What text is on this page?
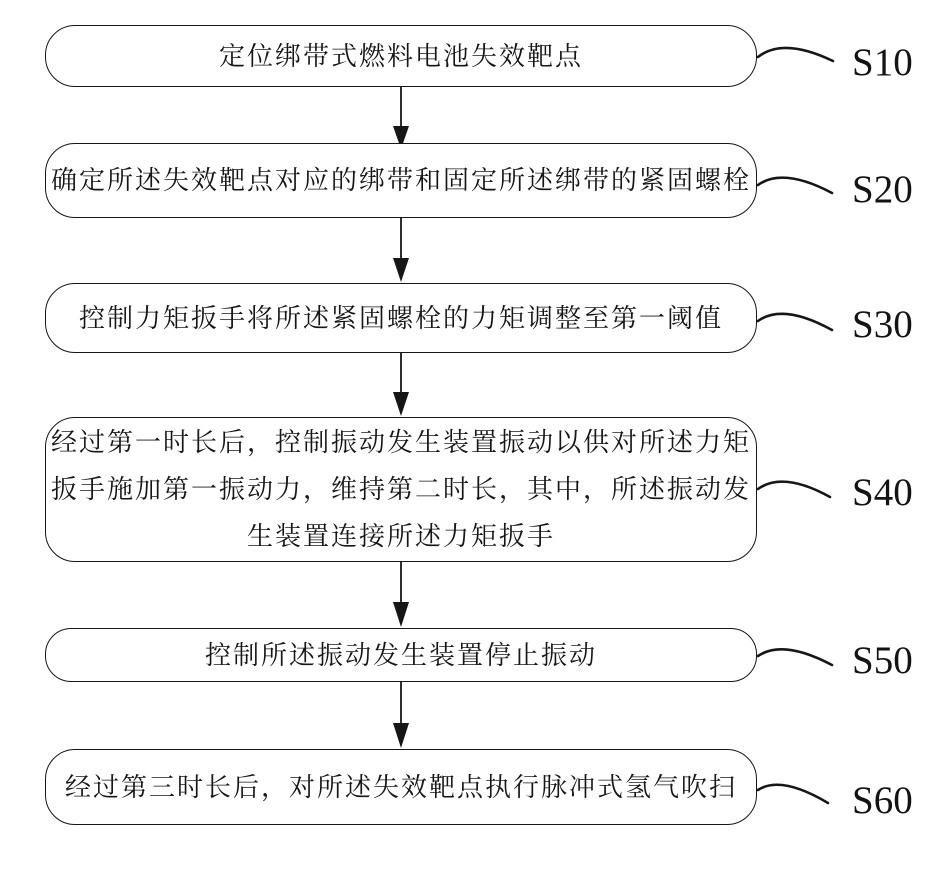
定位绑带式燃料电池失效靶点
确定所述失效靶点对应的绑带和固定所述绑带的紧固螺栓
控制力矩扳手将所述紧固螺栓的力矩调整至第一阈值
经过第一时长后，控制振动发生装置振动以供对所述力矩
扳手施加第一振动力，维持第二时长，其中，所述振动发
生装置连接所述力矩扳手
控制所述振动发生装置停止振动
经过第三时长后，对所述失效靶点执行脉冲式氢气吹扫
S10
S20
S30
S40
S50
S60
